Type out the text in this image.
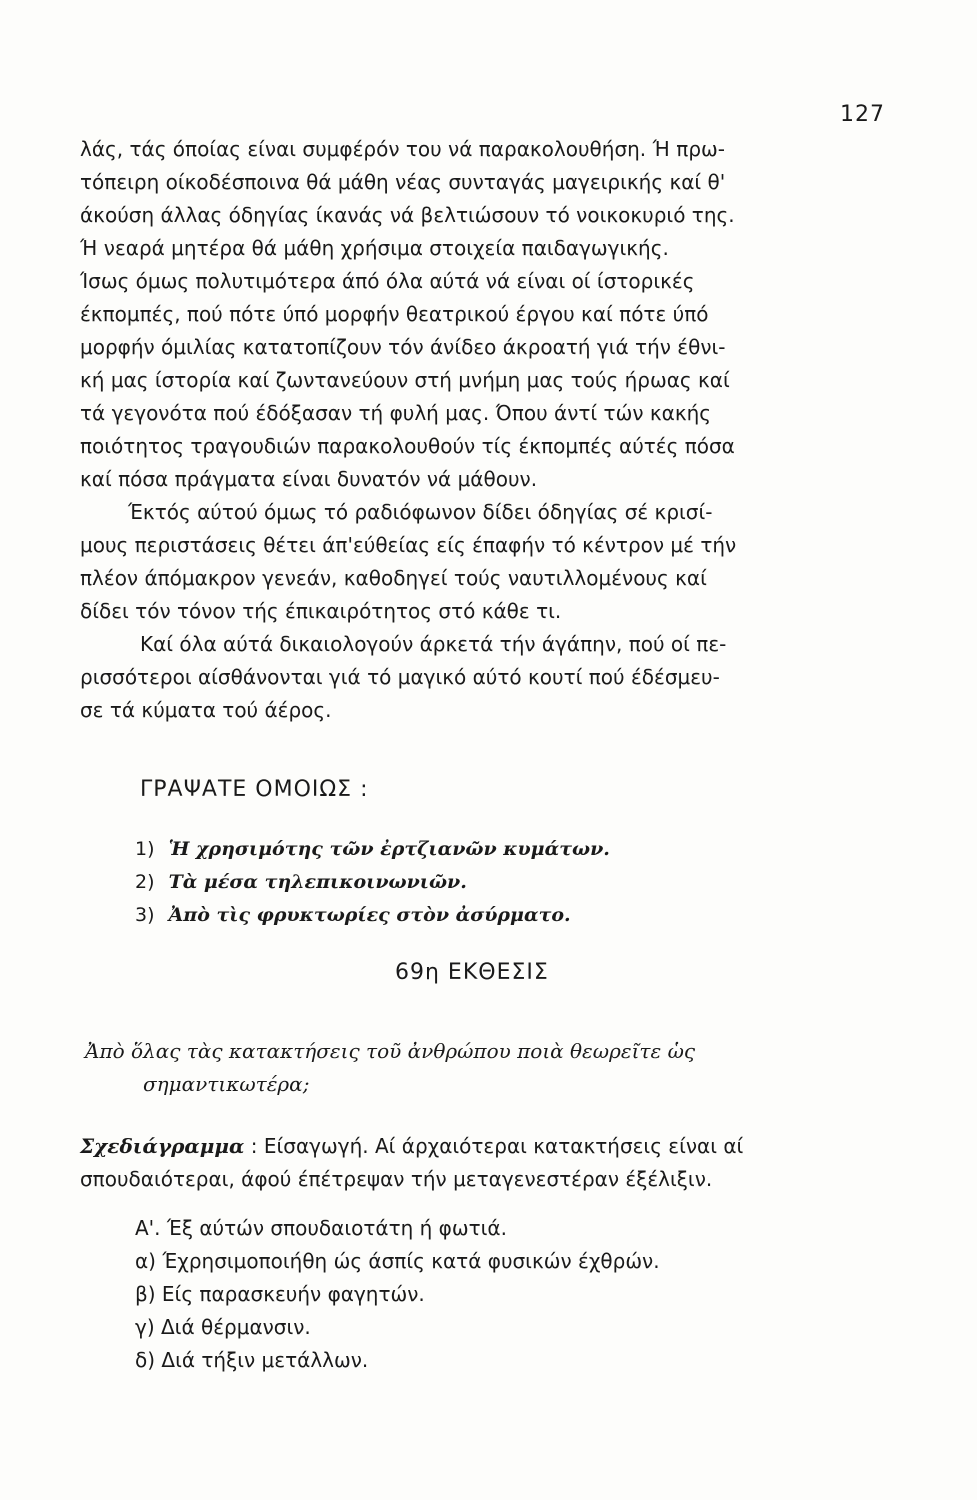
127
λάς, τάς όποίας είναι συμφέρόν του νά παρακολουθήση. Ή πρω-
τόπειρη οίκοδέσποινα θά μάθη νέας συνταγάς μαγειρικής καί θ'
άκούση άλλας όδηγίας ίκανάς νά βελτιώσουν τό νοικοκυριό της.
Ή νεαρά μητέρα θά μάθη χρήσιμα στοιχεία παιδαγωγικής.
Ίσως όμως πολυτιμότερα άπό όλα αύτά νά είναι οί ίστορικές
έκπομπές, πού πότε ύπό μορφήν θεατρικού έργου καί πότε ύπό
μορφήν όμιλίας κατατοπίζουν τόν άνίδεο άκροατή γιά τήν έθνι-
κή μας ίστορία καί ζωντανεύουν στή μνήμη μας τούς ήρωας καί
τά γεγονότα πού έδόξασαν τή φυλή μας. Όπου άντί τών κακής
ποιότητος τραγουδιών παρακολουθούν τίς έκπομπές αύτές πόσα
καί πόσα πράγματα είναι δυνατόν νά μάθουν.
Έκτός αύτού όμως τό ραδιόφωνον δίδει όδηγίας σέ κρισί-
μους περιστάσεις θέτει άπ'εύθείας είς έπαφήν τό κέντρον μέ τήν
πλέον άπόμακρον γενεάν, καθοδηγεί τούς ναυτιλλομένους καί
δίδει τόν τόνον τής έπικαιρότητος στό κάθε τι.
Καί όλα αύτά δικαιολογούν άρκετά τήν άγάπην, πού οί πε-
ρισσότεροι αίσθάνονται γιά τό μαγικό αύτό κουτί πού έδέσμευ-
σε τά κύματα τού άέρος.
ΓΡΑΨΑΤΕ ΟΜΟΙΩΣ :
1) Ἡ χρησιμότης τῶν ἐρτζιανῶν κυμάτων.
2) Τὰ μέσα τηλεπικοινωνιῶν.
3) Ἀπὸ τὶς φρυκτωρίες στὸν ἀσύρματο.
69η ΕΚΘΕΣΙΣ
Ἀπὸ ὅλας τὰς κατακτήσεις τοῦ ἀνθρώπου ποιὰ θεωρεῖτε ὡς
σημαντικωτέρα;
Σχεδιάγραμμα : Είσαγωγή. Αί άρχαιότεραι κατακτήσεις είναι αί σπουδαιότεραι, άφού έπέτρεψαν τήν μεταγενεστέραν έξέλιξιν.
Α'. Έξ αύτών σπουδαιοτάτη ή φωτιά.
α) Έχρησιμοποιήθη ώς άσπίς κατά φυσικών έχθρών.
β) Είς παρασκευήν φαγητών.
γ) Διά θέρμανσιν.
δ) Διά τήξιν μετάλλων.
